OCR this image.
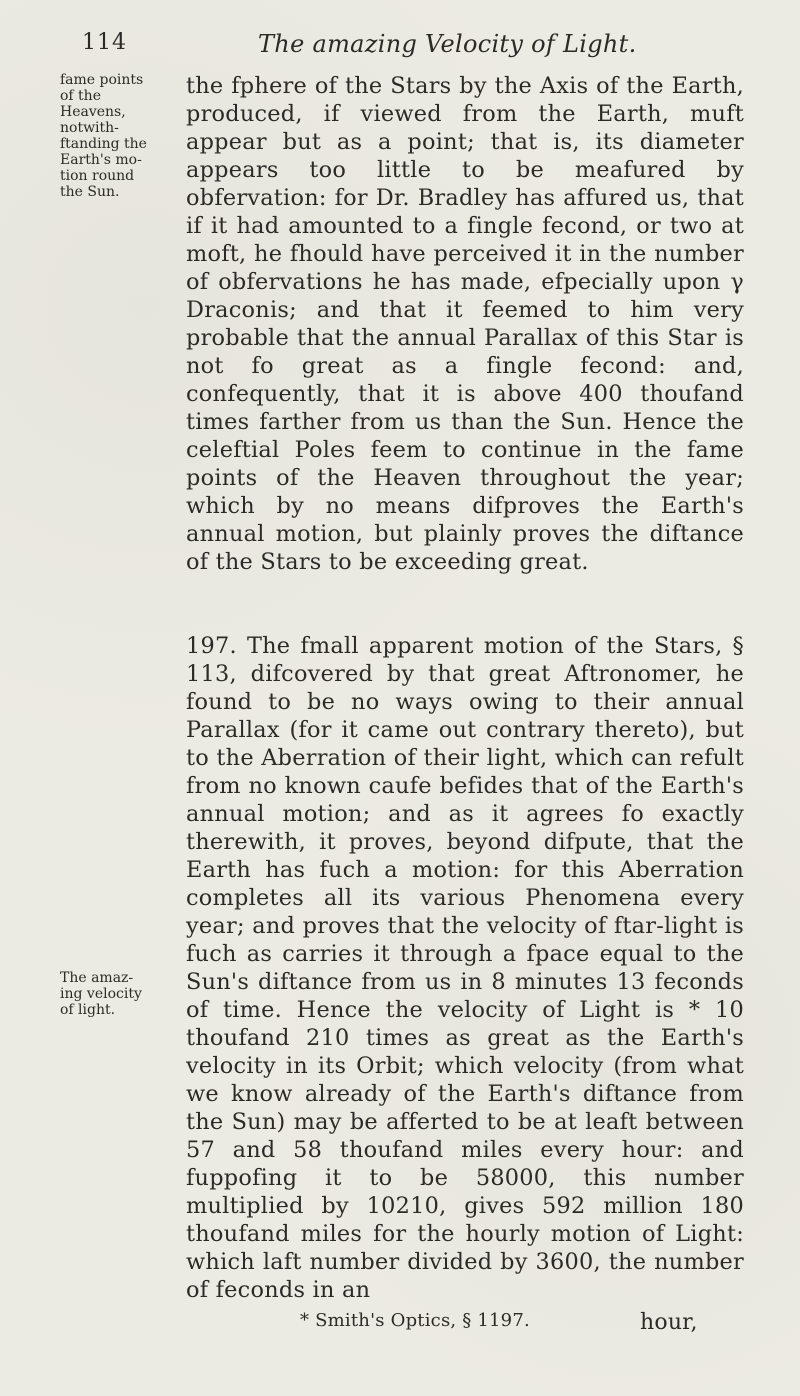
114	The amazing Velocity of Light.
fame points
of the
Heavens,
notwith-
ftanding the
Earth's mo-
tion round
the Sun.
The amaz-
ing velocity
of light.

the fphere of the Stars by the Axis of the Earth, produced, if viewed from the Earth, muft appear but as a point; that is, its diameter appears too little to be meafured by obfervation: for Dr. Bradley has affured us, that if it had amounted to a fingle fecond, or two at moft, he fhould have perceived it in the number of obfervations he has made, efpecially upon γ Draconis; and that it feemed to him very probable that the annual Parallax of this Star is not fo great as a fingle fecond: and, confequently, that it is above 400 thoufand times farther from us than the Sun. Hence the celeftial Poles feem to continue in the fame points of the Heaven throughout the year; which by no means difproves the Earth's annual motion, but plainly proves the diftance of the Stars to be exceeding great.

197. The fmall apparent motion of the Stars, § 113, difcovered by that great Aftronomer, he found to be no ways owing to their annual Parallax (for it came out contrary thereto), but to the Aberration of their light, which can refult from no known caufe befides that of the Earth's annual motion; and as it agrees fo exactly therewith, it proves, beyond difpute, that the Earth has fuch a motion: for this Aberration completes all its various Phenomena every year; and proves that the velocity of ftar-light is fuch as carries it through a fpace equal to the Sun's diftance from us in 8 minutes 13 feconds of time. Hence the velocity of Light is * 10 thoufand 210 times as great as the Earth's velocity in its Orbit; which velocity (from what we know already of the Earth's diftance from the Sun) may be afferted to be at leaft between 57 and 58 thoufand miles every hour: and fuppofing it to be 58000, this number multiplied by 10210, gives 592 million 180 thoufand miles for the hourly motion of Light: which laft number divided by 3600, the number of feconds in an

* Smith's Optics, § 1197.	hour,
